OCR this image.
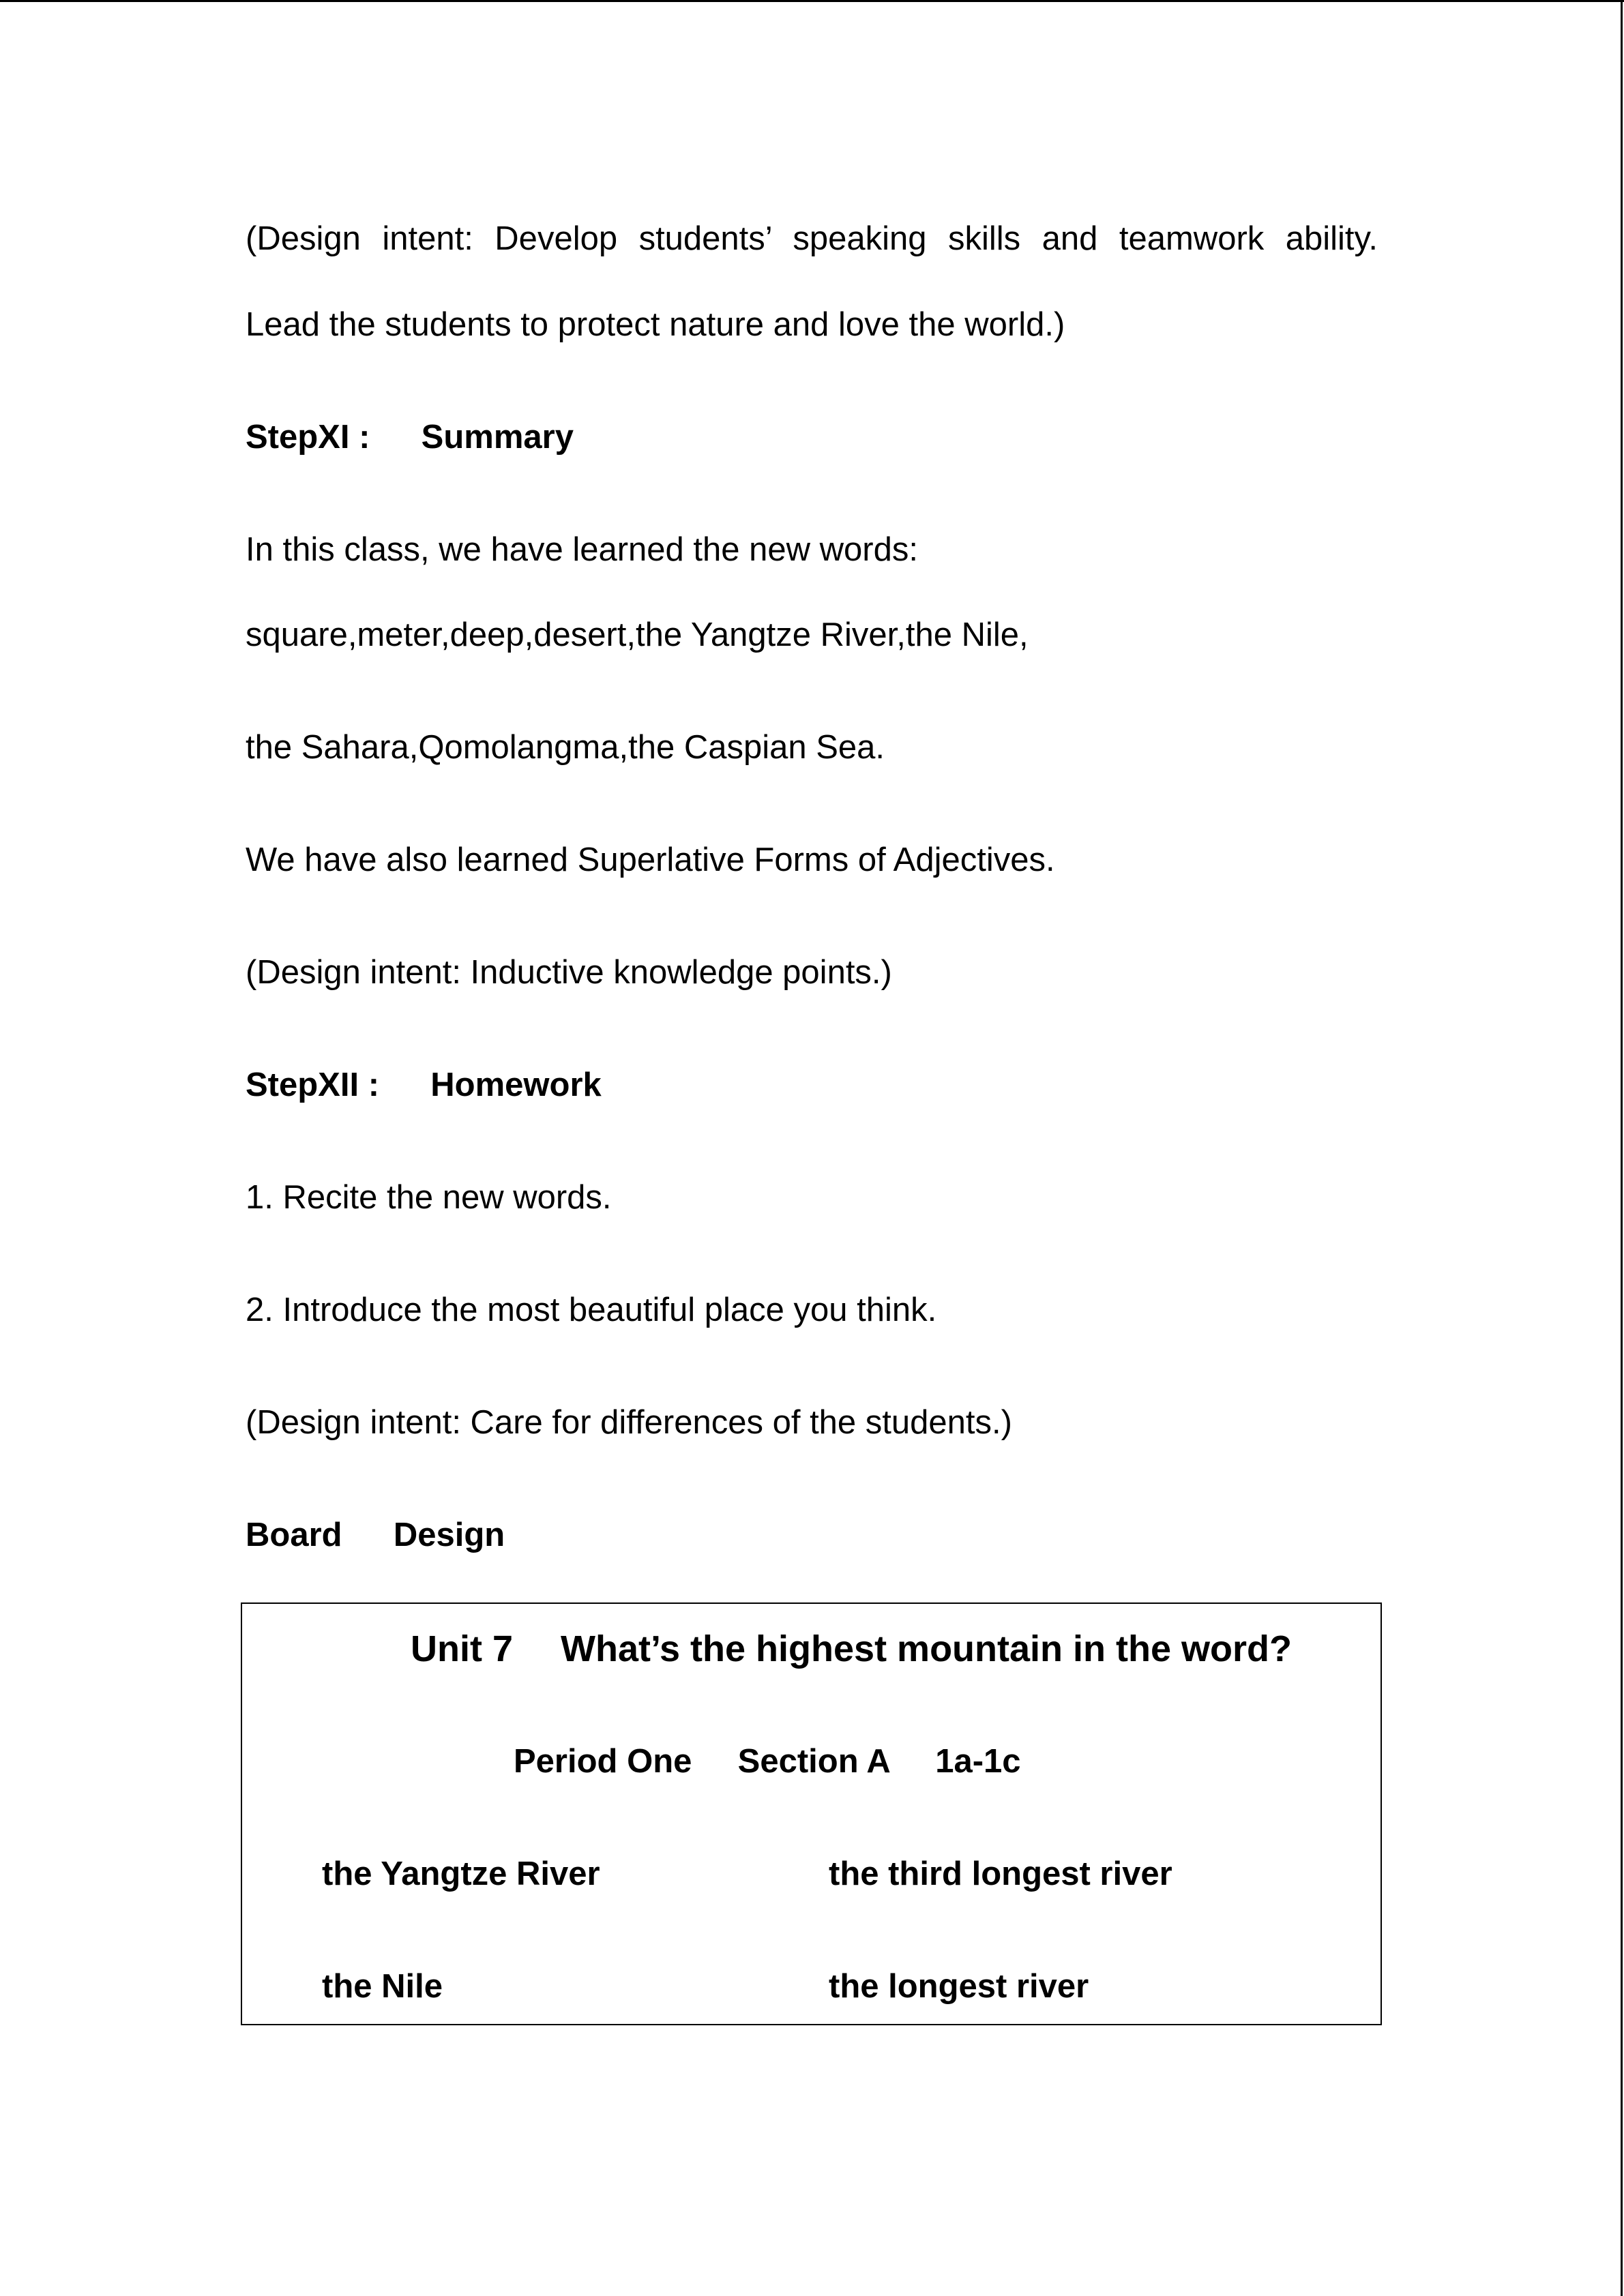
(Design intent: Develop students’ speaking skills and teamwork ability.
Lead the students to protect nature and love the world.)
StepXI : Summary
In this class, we have learned the new words:
square,meter,deep,desert,the Yangtze River,the Nile,
the Sahara,Qomolangma,the Caspian Sea.
We have also learned Superlative Forms of Adjectives.
(Design intent: Inductive knowledge points.)
StepXII : Homework
1. Recite the new words.
2. Introduce the most beautiful place you think.
(Design intent: Care for differences of the students.)
Board Design
Unit 7 What’s the highest mountain in the word?
Period One Section A 1a-1c
the Yangtze River	the third longest river
the Nile	the longest river
